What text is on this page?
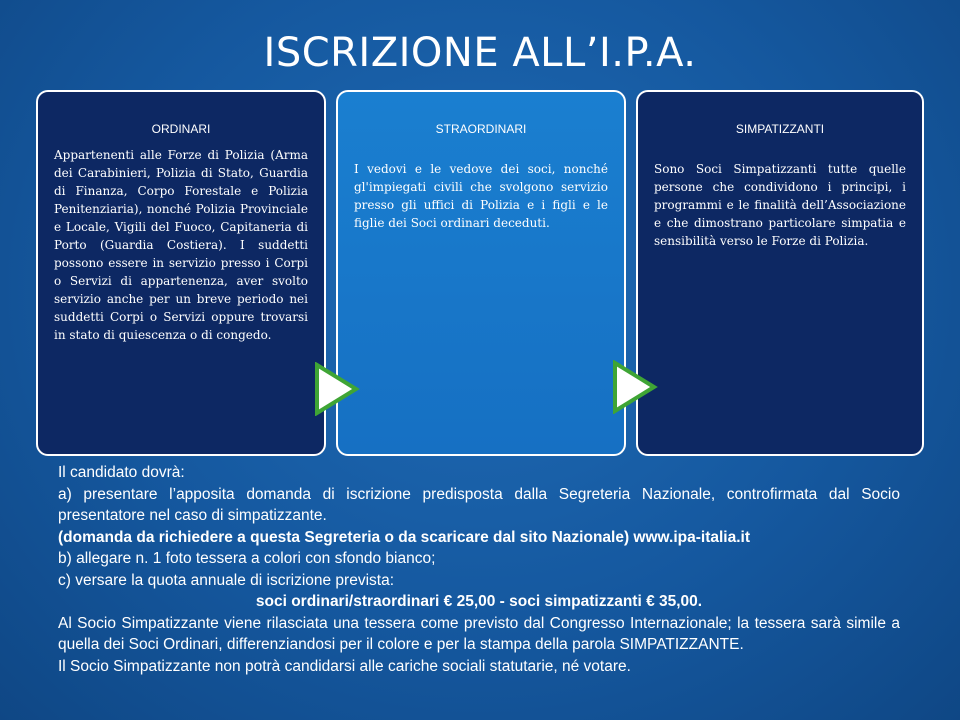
ISCRIZIONE ALL’I.P.A.
ORDINARI
Appartenenti alle Forze di Polizia (Arma dei Carabinieri, Polizia di Stato, Guardia di Finanza, Corpo Forestale e Polizia Penitenziaria), nonché Polizia Provinciale e Locale, Vigili del Fuoco, Capitaneria di Porto (Guardia Costiera). I suddetti possono essere in servizio presso i Corpi o Servizi di appartenenza, aver svolto servizio anche per un breve periodo nei suddetti Corpi o Servizi oppure trovarsi in stato di quiescenza o di congedo.
STRAORDINARI
I vedovi e le vedove dei soci, nonché gl'impiegati civili che svolgono servizio presso gli uffici di Polizia e i figli e le figlie dei Soci ordinari deceduti.
SIMPATIZZANTI
Sono Soci Simpatizzanti tutte quelle persone che condividono i principi, i programmi e le finalità dell’Associazione e che dimostrano particolare simpatia e sensibilità verso le Forze di Polizia.

Il candidato dovrà:

a) presentare l’apposita domanda di iscrizione predisposta dalla Segreteria Nazionale, controfirmata dal Socio presentatore nel caso di simpatizzante.

(domanda da richiedere a questa Segreteria o da scaricare dal sito Nazionale) www.ipa-italia.it

b) allegare n. 1 foto tessera a colori con sfondo bianco;

c) versare la quota annuale di iscrizione prevista:

soci ordinari/straordinari € 25,00 - soci simpatizzanti € 35,00.

Al Socio Simpatizzante viene rilasciata una tessera come previsto dal Congresso Internazionale; la tessera sarà simile a quella dei Soci Ordinari, differenziandosi per il colore e per la stampa della parola SIMPATIZZANTE.

Il Socio Simpatizzante non potrà candidarsi alle cariche sociali statutarie, né votare.
